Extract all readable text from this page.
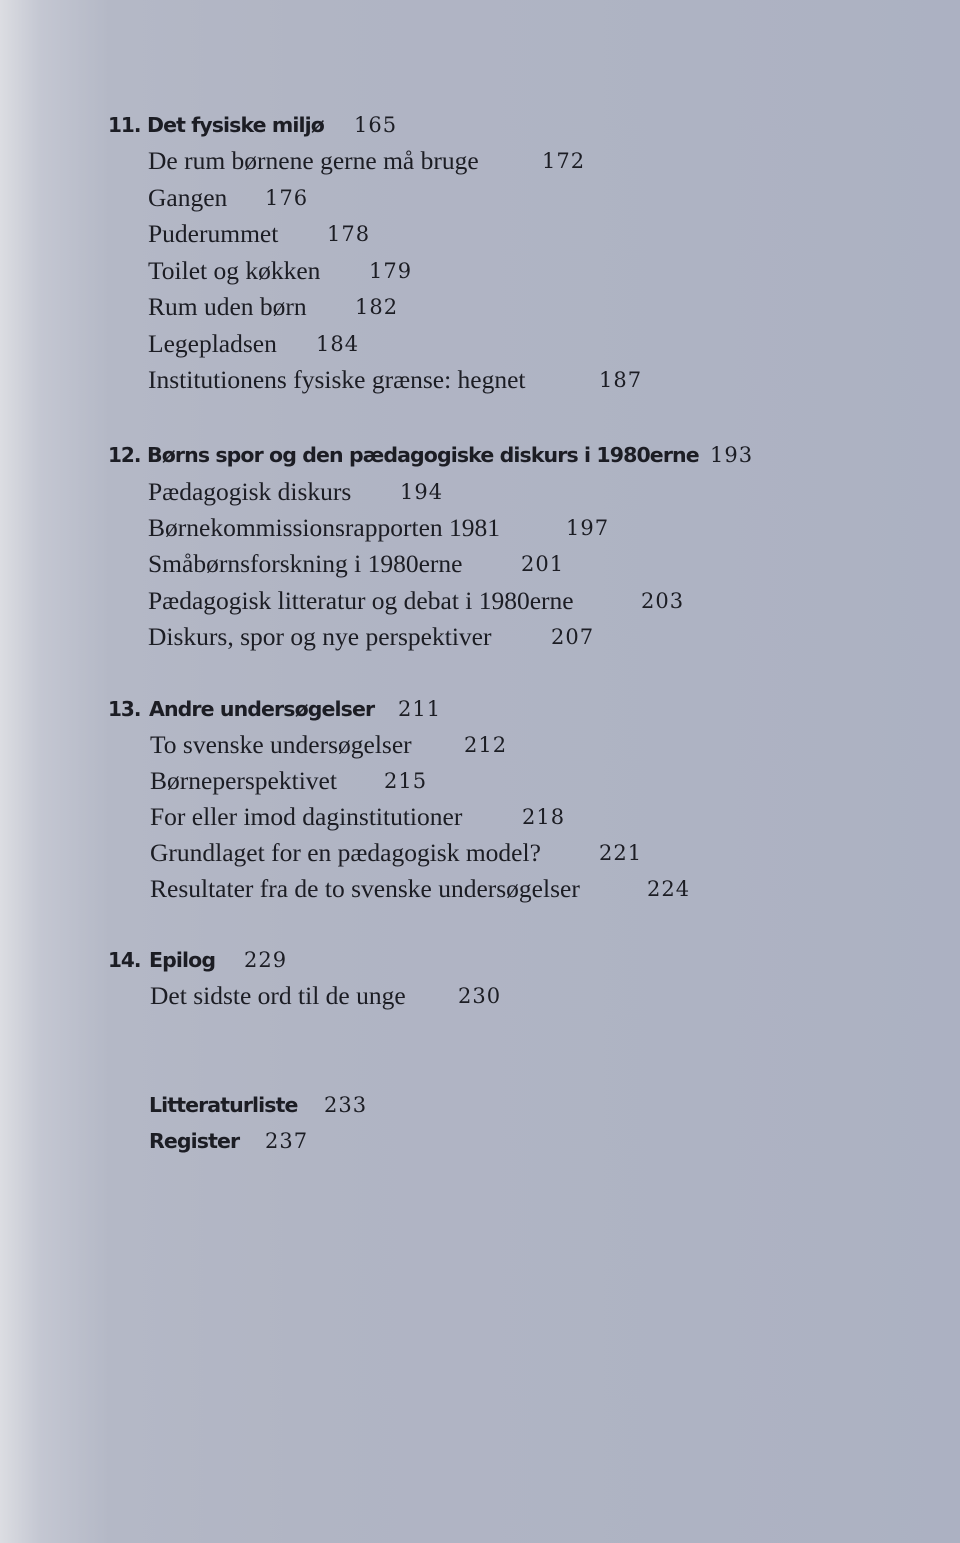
11. Det fysiske miljø 165
De rum børnene gerne må bruge	172
Gangen 176
Puderummet 178
Toilet og køkken 179
Rum uden børn 182
Legepladsen 184
Institutionens fysiske grænse: hegnet	187
12. Børns spor og den pædagogiske diskurs i 1980erne 193
Pædagogisk diskurs 194
Børnekommissionsrapporten 1981	197
Småbørnsforskning i 1980erne	201
Pædagogisk litteratur og debat i 1980erne	203
Diskurs, spor og nye perspektiver	207
13. Andre undersøgelser 211
To svenske undersøgelser 212
Børneperspektivet 215
For eller imod daginstitutioner	218
Grundlaget for en pædagogisk model?	221
Resultater fra de to svenske undersøgelser	224
14. Epilog 229
Det sidste ord til de unge 230
Litteraturliste 233
Register 237
